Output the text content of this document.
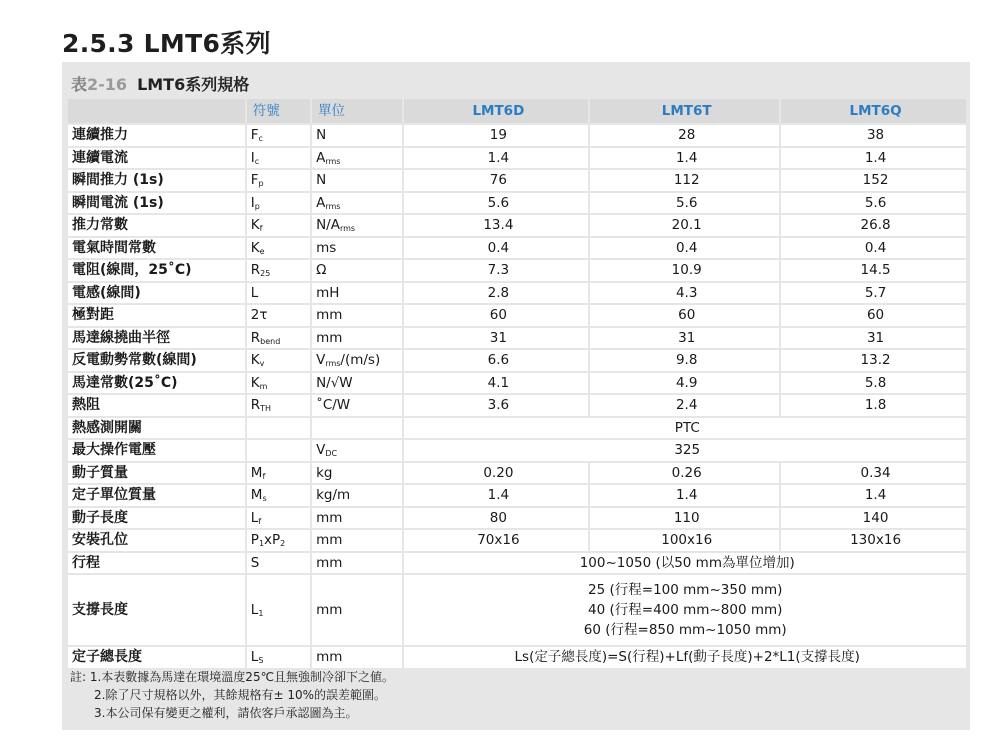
2.5.3 LMT6系列
表2-16 LMT6系列規格
	符號	單位	LMT6D	LMT6T	LMT6Q
連續推力	$F_c$	N	19	28	38
連續電流	$I_c$	$A_{rms}$	1.4	1.4	1.4
瞬間推力 (1s)	$F_p$	N	76	112	152
瞬間電流 (1s)	$I_p$	$A_{rms}$	5.6	5.6	5.6
推力常數	$K_f$	$N/A_{rms}$	13.4	20.1	26.8
電氣時間常數	$K_e$	ms	0.4	0.4	0.4
電阻(線間，25˚C)	$R_{25}$	Ω	7.3	10.9	14.5
電感(線間)	L	mH	2.8	4.3	5.7
極對距	2τ	mm	60	60	60
馬達線撓曲半徑	$R_{bend}$	mm	31	31	31
反電動勢常數(線間)	$K_v$	$V_{rms}/(m/s)$	6.6	9.8	13.2
馬達常數(25˚C)	$K_m$	N/√W	4.1	4.9	5.8
熱阻	$R_{TH}$	˚C/W	3.6	2.4	1.8
熱感測開關			PTC		
最大操作電壓		$V_{DC}$	325		
動子質量	$M_f$	kg	0.20	0.26	0.34
定子單位質量	$M_s$	kg/m	1.4	1.4	1.4
動子長度	$L_f$	mm	80	110	140
安裝孔位	$P_1xP_2$	mm	70x16	100x16	130x16
行程	S	mm	100~1050 (以50 mm為單位增加)		
支撐長度	$L_1$	mm	25 (行程=100 mm~350 mm)
40 (行程=400 mm~800 mm)
60 (行程=850 mm~1050 mm)		

定子總長度	$L_S$	mm	Ls(定子總長度)=S(行程)+Lf(動子長度)+2*L1(支撐長度)		
註: 1.本表數據為馬達在環境溫度25℃且無強制冷卻下之値。
2.除了尺寸規格以外，其餘規格有± 10%的誤差範圍。
3.本公司保有變更之權利，請依客戶承認圖為主。
